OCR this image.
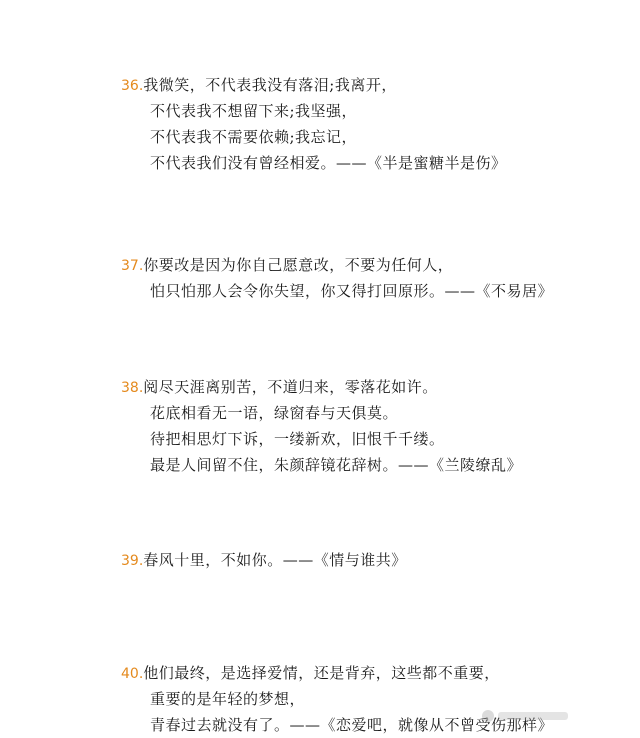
36.我微笑，不代表我没有落泪;我离开，
不代表我不想留下来;我坚强，
不代表我不需要依赖;我忘记，
不代表我们没有曾经相爱。——《半是蜜糖半是伤》
37.你要改是因为你自己愿意改，不要为任何人，
怕只怕那人会令你失望，你又得打回原形。——《不易居》
38.阅尽天涯离别苦，不道归来，零落花如许。
花底相看无一语，绿窗春与天俱莫。
待把相思灯下诉，一缕新欢，旧恨千千缕。
最是人间留不住，朱颜辞镜花辞树。——《兰陵缭乱》
39.春风十里，不如你。——《情与谁共》
40.他们最终，是选择爱情，还是背弃，这些都不重要，
重要的是年轻的梦想，
青春过去就没有了。——《恋爱吧，就像从不曾受伤那样》
